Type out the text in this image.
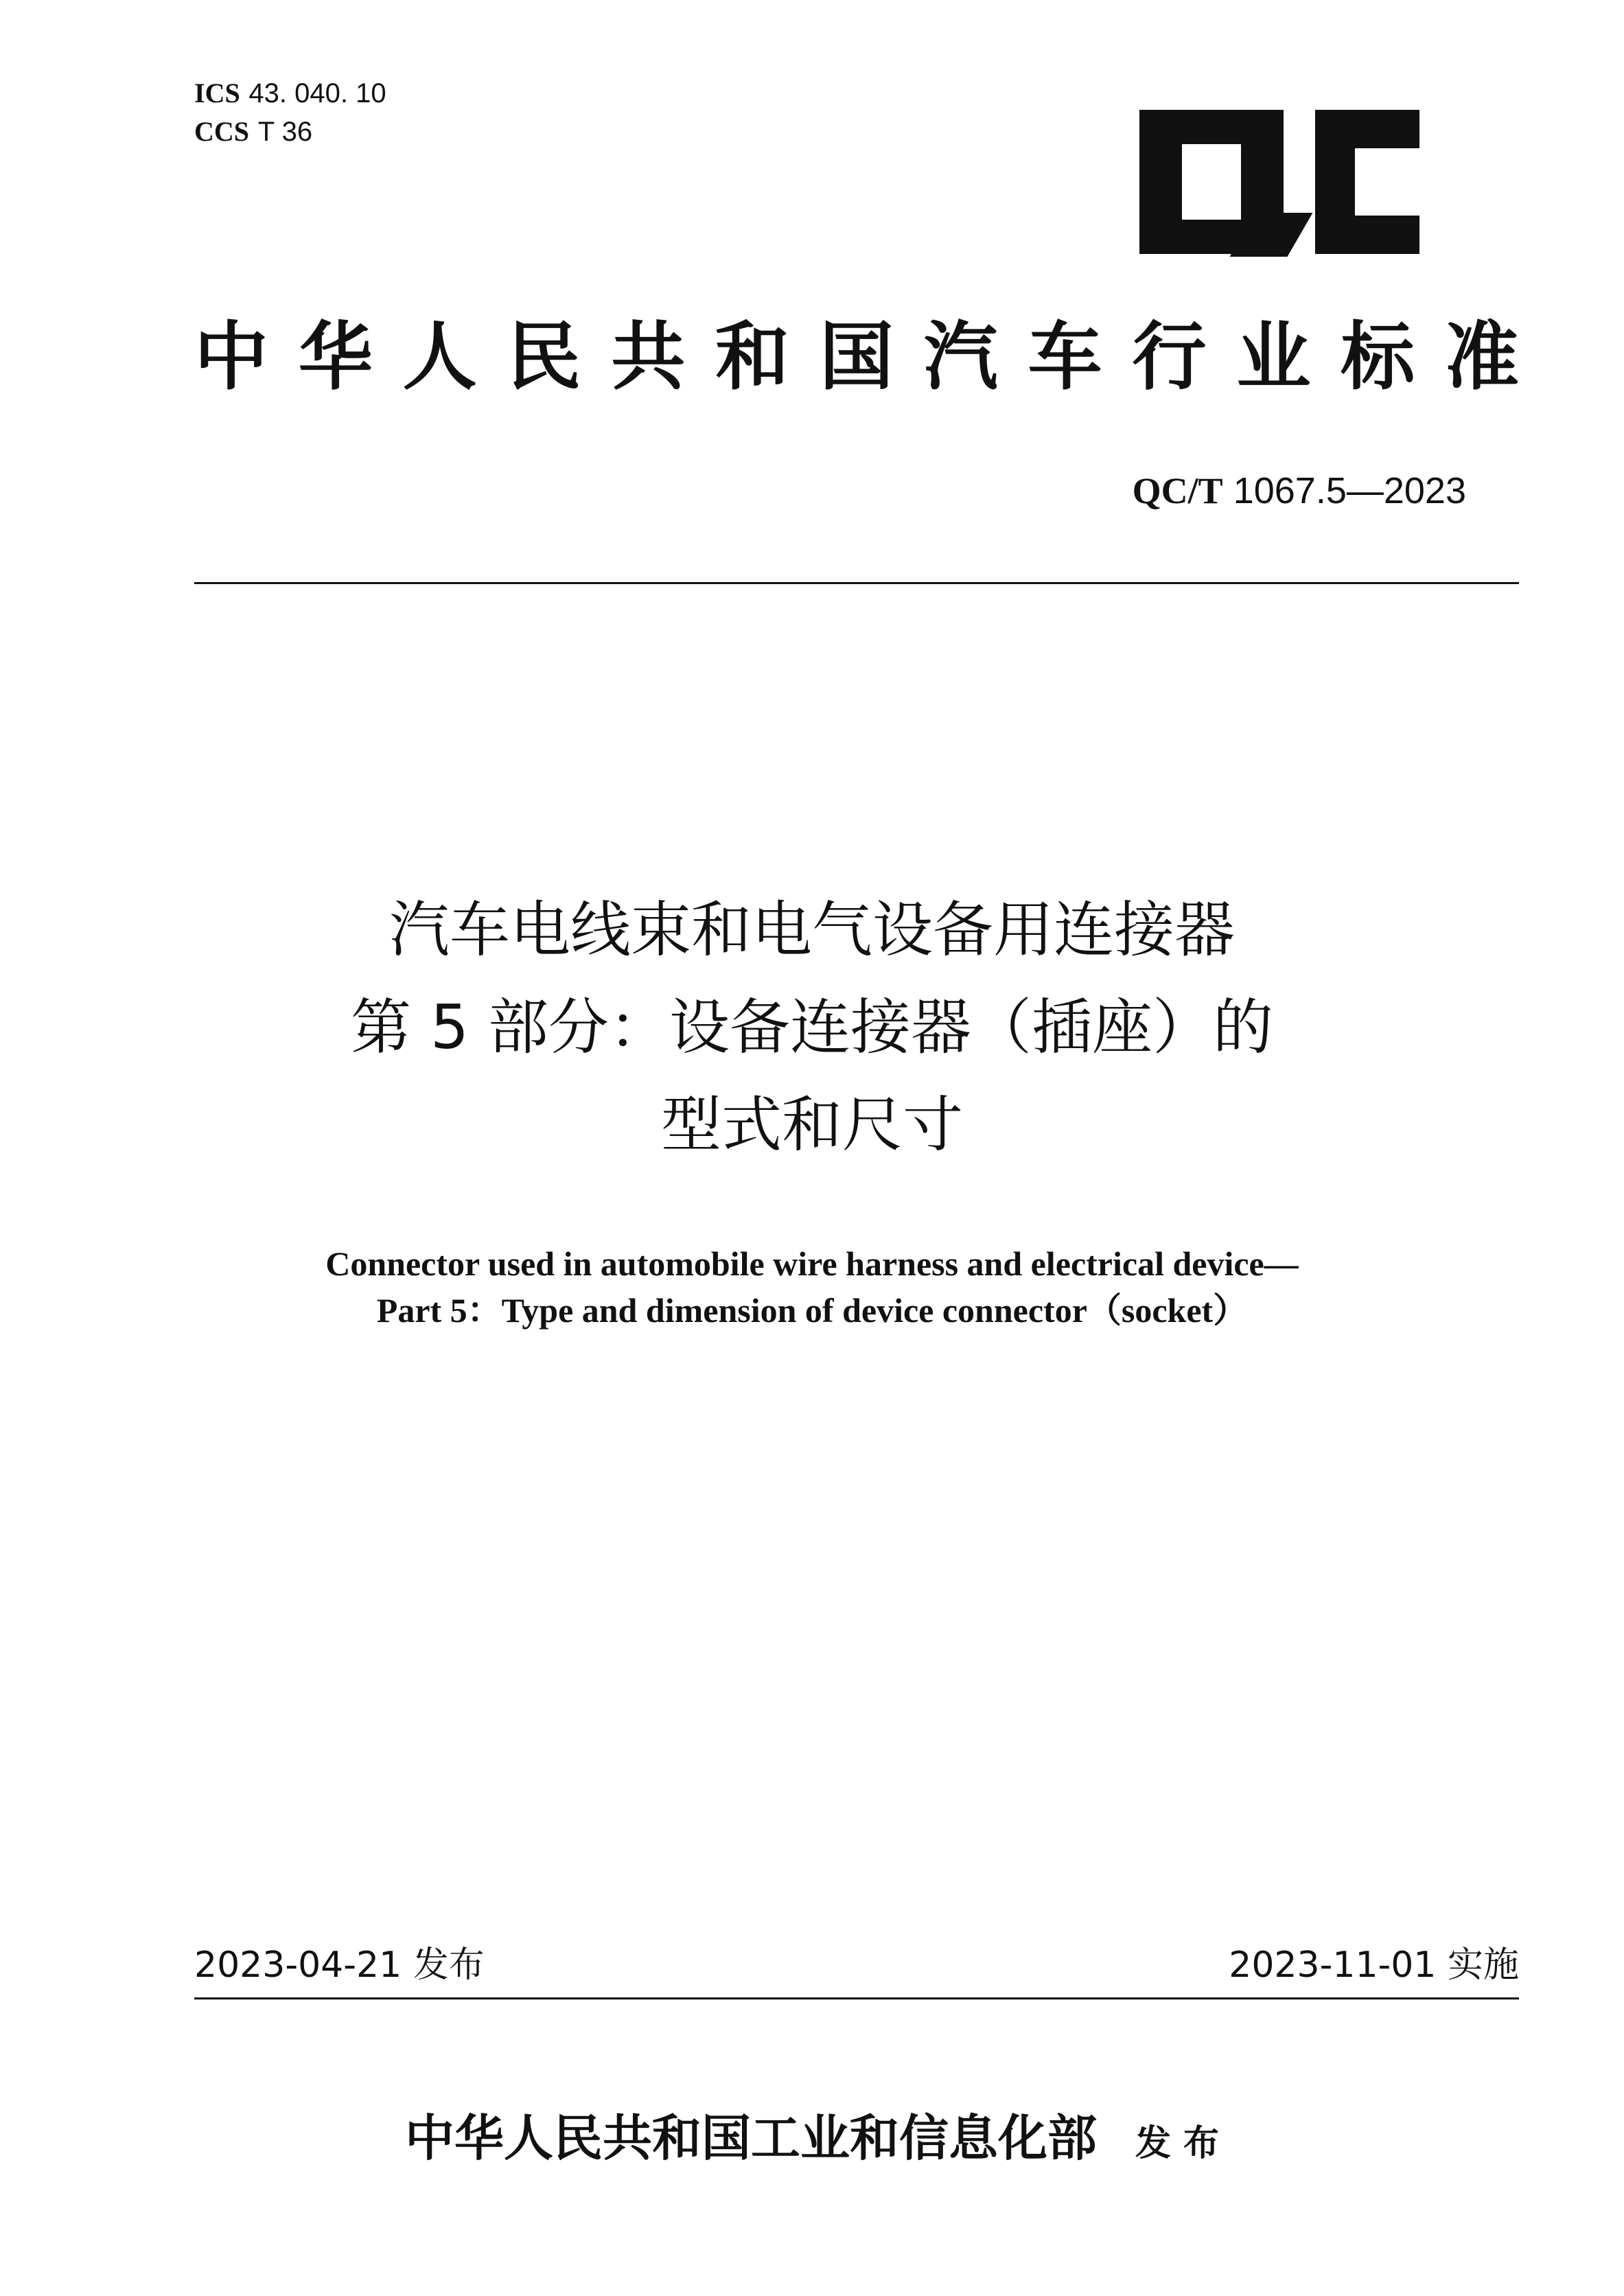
ICS 43. 040. 10
CCS T 36
中华人民共和国汽车行业标准
QC/T 1067.5—2023
汽车电线束和电气设备用连接器
第 5 部分：设备连接器（插座）的
型式和尺寸
Connector used in automobile wire harness and electrical device—
Part 5：Type and dimension of device connector（socket）
2023-04-21 发布	2023-11-01 实施
中华人民共和国工业和信息化部 发 布
